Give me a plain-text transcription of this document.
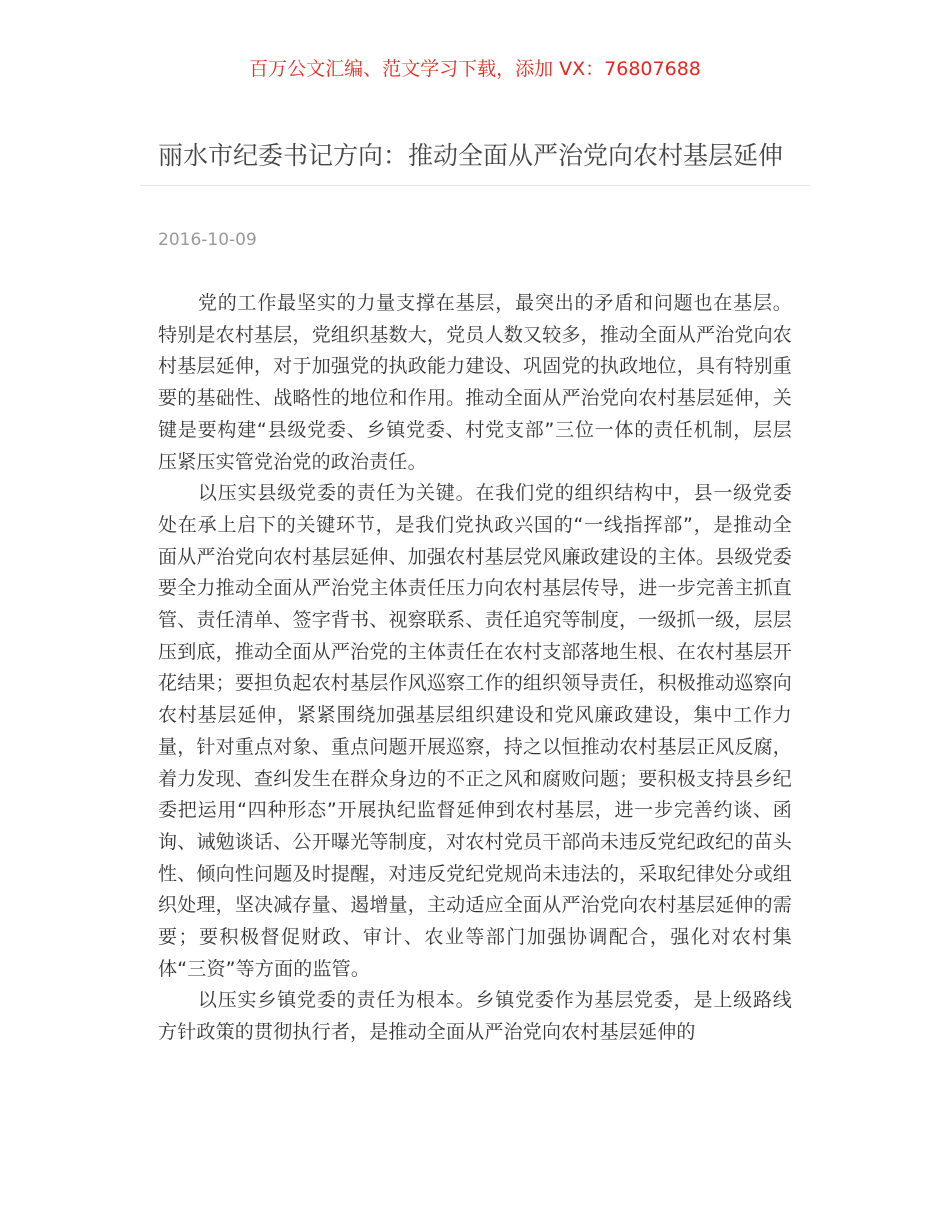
百万公文汇编、范文学习下载，添加 VX：76807688
丽水市纪委书记方向：推动全面从严治党向农村基层延伸
2016-10-09

党的工作最坚实的力量支撑在基层，最突出的矛盾和问题也在基层。特别是农村基层，党组织基数大，党员人数又较多，推动全面从严治党向农村基层延伸，对于加强党的执政能力建设、巩固党的执政地位，具有特别重要的基础性、战略性的地位和作用。推动全面从严治党向农村基层延伸，关键是要构建“县级党委、乡镇党委、村党支部”三位一体的责任机制，层层压紧压实管党治党的政治责任。

以压实县级党委的责任为关键。在我们党的组织结构中，县一级党委处在承上启下的关键环节，是我们党执政兴国的“一线指挥部”，是推动全面从严治党向农村基层延伸、加强农村基层党风廉政建设的主体。县级党委要全力推动全面从严治党主体责任压力向农村基层传导，进一步完善主抓直管、责任清单、签字背书、视察联系、责任追究等制度，一级抓一级，层层压到底，推动全面从严治党的主体责任在农村支部落地生根、在农村基层开花结果；要担负起农村基层作风巡察工作的组织领导责任，积极推动巡察向农村基层延伸，紧紧围绕加强基层组织建设和党风廉政建设，集中工作力量，针对重点对象、重点问题开展巡察，持之以恒推动农村基层正风反腐，着力发现、查纠发生在群众身边的不正之风和腐败问题；要积极支持县乡纪委把运用“四种形态”开展执纪监督延伸到农村基层，进一步完善约谈、函询、诫勉谈话、公开曝光等制度，对农村党员干部尚未违反党纪政纪的苗头性、倾向性问题及时提醒，对违反党纪党规尚未违法的，采取纪律处分或组织处理，坚决减存量、遏增量，主动适应全面从严治党向农村基层延伸的需要；要积极督促财政、审计、农业等部门加强协调配合，强化对农村集体“三资”等方面的监管。

以压实乡镇党委的责任为根本。乡镇党委作为基层党委，是上级路线方针政策的贯彻执行者，是推动全面从严治党向农村基层延伸的
